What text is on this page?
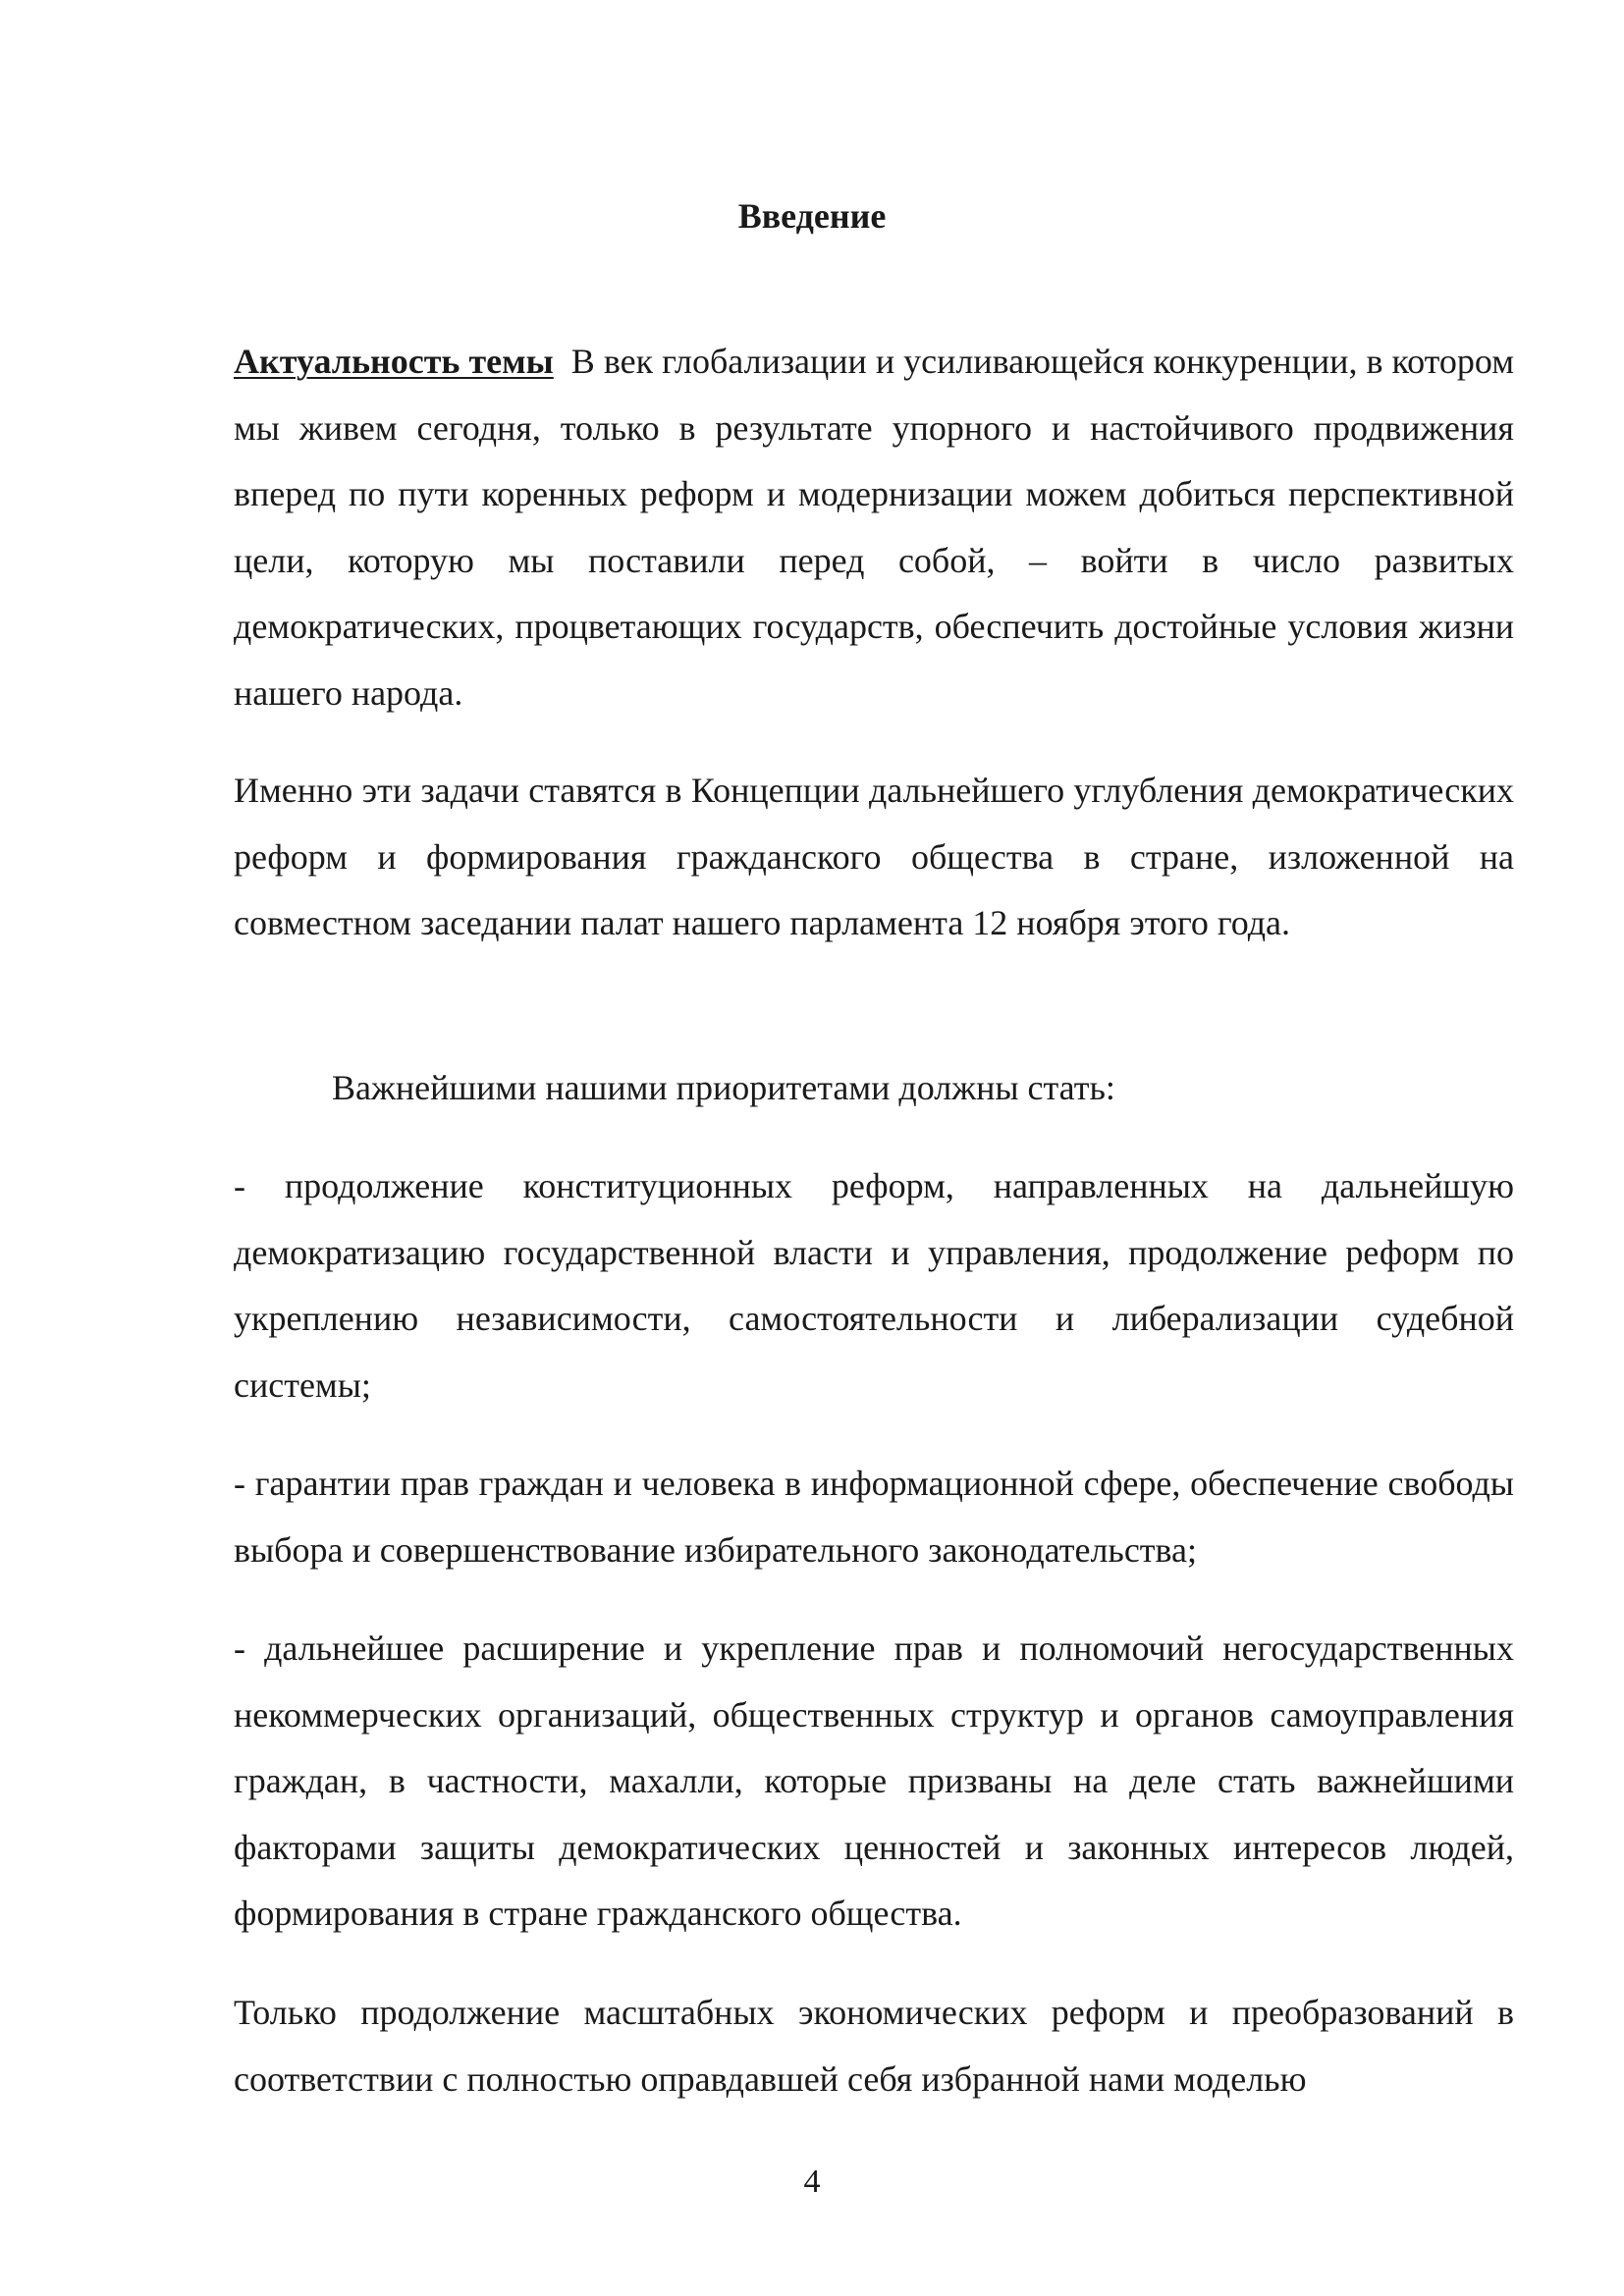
Введение

Актуальность темы  В век глобализации и усиливающейся конкуренции, в котором мы живем сегодня, только в результате упорного и настойчивого продвижения вперед по пути коренных реформ и модернизации можем добиться перспективной цели, которую мы поставили перед собой, – войти в число развитых демократических, процветающих государств, обеспечить достойные условия жизни нашего народа.

Именно эти задачи ставятся в Концепции дальнейшего углубления демократических реформ и формирования гражданского общества в стране, изложенной на совместном заседании палат нашего парламента 12 ноября этого года.

Важнейшими нашими приоритетами должны стать:

- продолжение конституционных реформ, направленных на дальнейшую демократизацию государственной власти и управления, продолжение реформ по укреплению независимости, самостоятельности и либерализации судебной системы;

- гарантии прав граждан и человека в информационной сфере, обеспечение свободы выбора и совершенствование избирательного законодательства;

- дальнейшее расширение и укрепление прав и полномочий негосударственных некоммерческих организаций, общественных структур и органов самоуправления граждан, в частности, махалли, которые призваны на деле стать важнейшими факторами защиты демократических ценностей и законных интересов людей, формирования в стране гражданского общества.

Только продолжение масштабных экономических реформ и преобразований в соответствии с полностью оправдавшей себя избранной нами моделью

4
